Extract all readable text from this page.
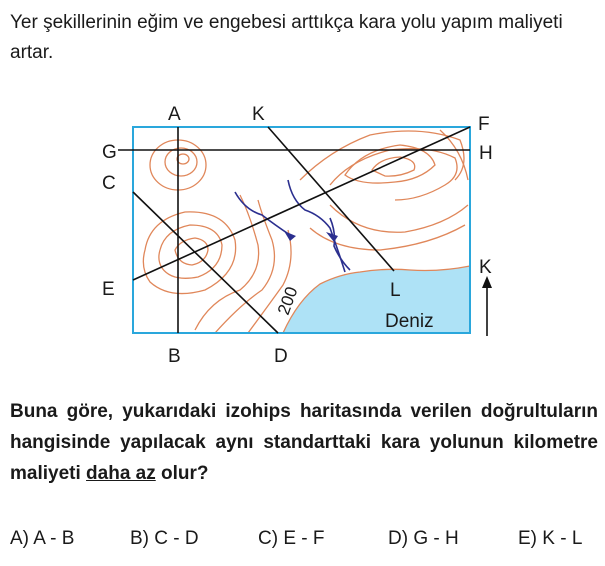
Yer şekillerinin eğim ve engebesi arttıkça kara yolu yapım maliyeti artar.
A	K	F
G	H
C
K
E	L
B	D
Deniz
200
Buna göre, yukarıdaki izohips haritasında verilen doğrultuların hangisinde yapılacak aynı standarttaki kara yolunun kilometre maliyeti daha az olur?
A) A - B	B) C - D	C) E - F	D) G - H	E) K - L
